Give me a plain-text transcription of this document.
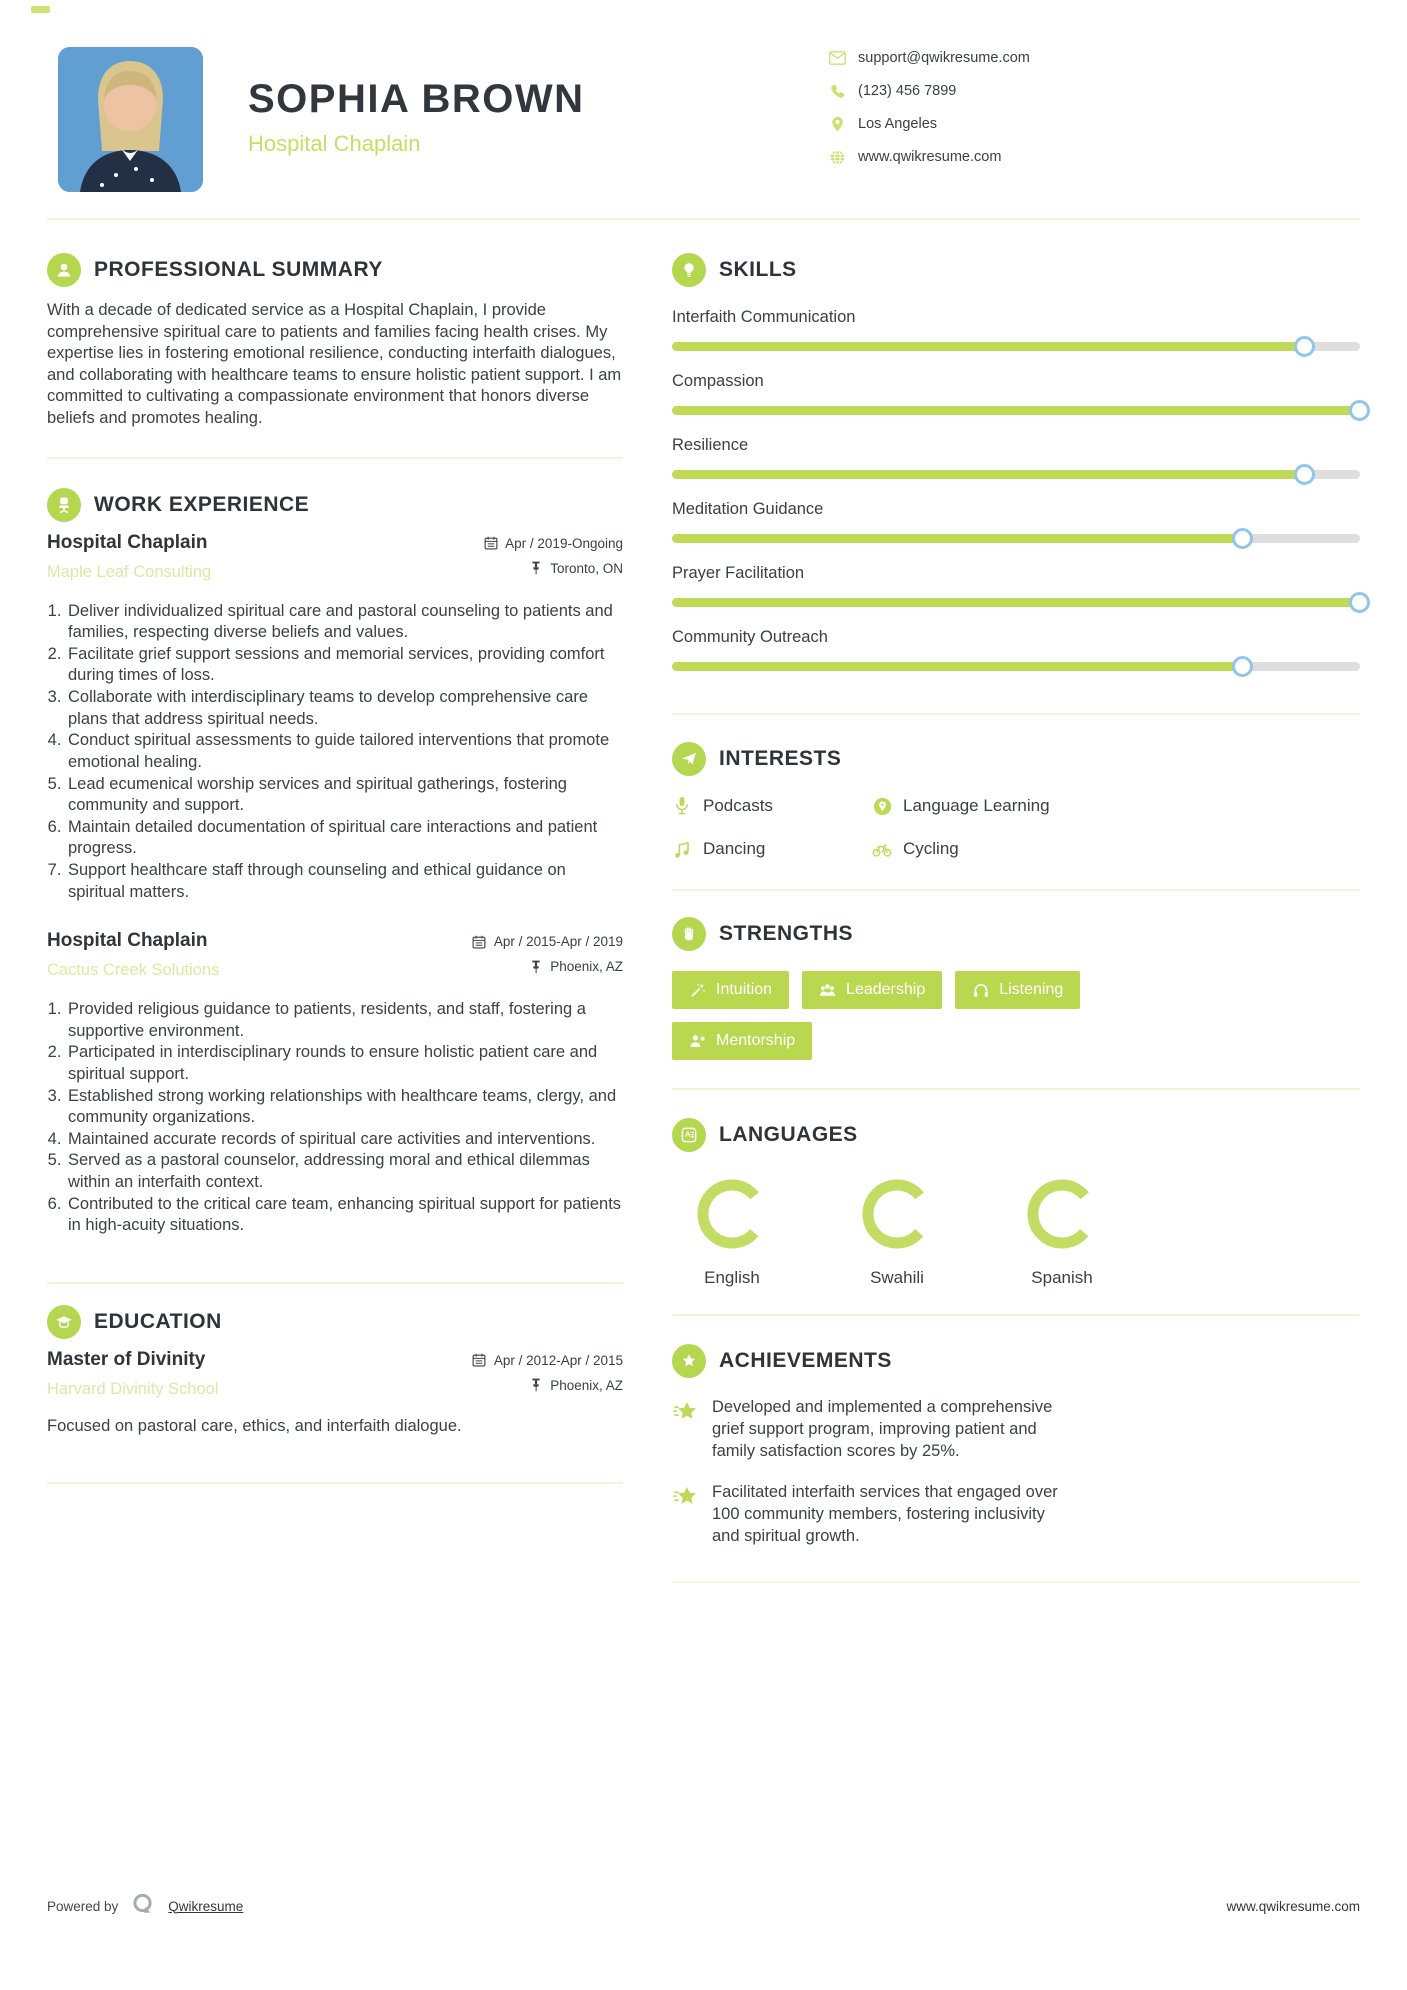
SOPHIA BROWN
Hospital Chaplain
support@qwikresume.com
(123) 456 7899
Los Angeles
www.qwikresume.com
PROFESSIONAL SUMMARY

With a decade of dedicated service as a Hospital Chaplain, I provide comprehensive spiritual care to patients and families facing health crises. My expertise lies in fostering emotional resilience, conducting interfaith dialogues, and collaborating with healthcare teams to ensure holistic patient support. I am committed to cultivating a compassionate environment that honors diverse beliefs and promotes healing.

WORK EXPERIENCE
Hospital Chaplain
Maple Leaf Consulting
Apr / 2019-Ongoing
Toronto, ON
1. Deliver individualized spiritual care and pastoral counseling to patients and families, respecting diverse beliefs and values.
2. Facilitate grief support sessions and memorial services, providing comfort during times of loss.
3. Collaborate with interdisciplinary teams to develop comprehensive care plans that address spiritual needs.
4. Conduct spiritual assessments to guide tailored interventions that promote emotional healing.
5. Lead ecumenical worship services and spiritual gatherings, fostering community and support.
6. Maintain detailed documentation of spiritual care interactions and patient progress.
7. Support healthcare staff through counseling and ethical guidance on spiritual matters.
Hospital Chaplain
Cactus Creek Solutions
Apr / 2015-Apr / 2019
Phoenix, AZ
1. Provided religious guidance to patients, residents, and staff, fostering a supportive environment.
2. Participated in interdisciplinary rounds to ensure holistic patient care and spiritual support.
3. Established strong working relationships with healthcare teams, clergy, and community organizations.
4. Maintained accurate records of spiritual care activities and interventions.
5. Served as a pastoral counselor, addressing moral and ethical dilemmas within an interfaith context.
6. Contributed to the critical care team, enhancing spiritual support for patients in high-acuity situations.
EDUCATION
Master of Divinity
Harvard Divinity School
Apr / 2012-Apr / 2015
Phoenix, AZ

Focused on pastoral care, ethics, and interfaith dialogue.

SKILLS
Interfaith Communication
Compassion
Resilience
Meditation Guidance
Prayer Facilitation
Community Outreach
INTERESTS
Podcasts	Language Learning
Dancing	Cycling
STRENGTHS
Intuition	Leadership	Listening
Mentorship
A LANGUAGES
English	Swahili	Spanish
ACHIEVEMENTS

Developed and implemented a comprehensive grief support program, improving patient and family satisfaction scores by 25%.

Facilitated interfaith services that engaged over 100 community members, fostering inclusivity and spiritual growth.

Powered by	Qwikresume	www.qwikresume.com
